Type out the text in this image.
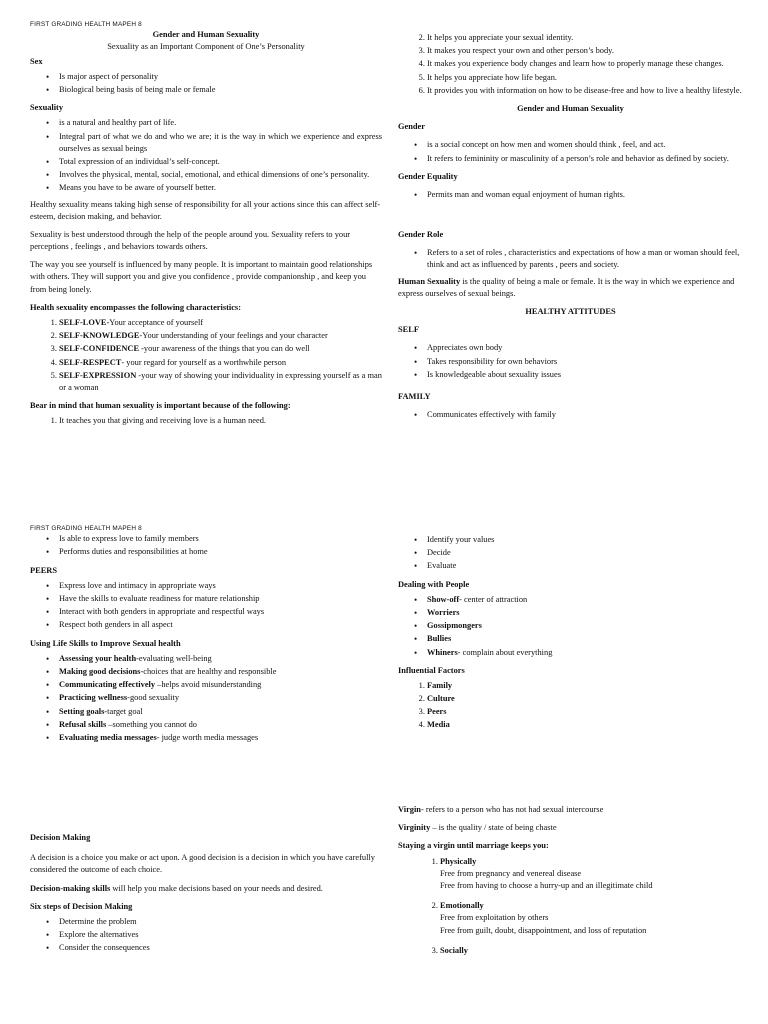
FIRST GRADING HEALTH MAPEH 8
Gender and Human Sexuality
Sexuality as an Important Component of One’s Personality
Sex
• Is major aspect of personality
• Biological being basis of being male or female
Sexuality
• is a natural and healthy part of life.
• Integral part of what we do and who we are; it is the way in which we experience and express ourselves as sexual beings
• Total expression of an individual’s self-concept.
• Involves the physical, mental, social, emotional, and ethical dimensions of one’s personality.
• Means you have to be aware of yourself better.

Healthy sexuality means taking high sense of responsibility for all your actions since this can affect self-esteem, decision making, and behavior.

Sexuality is best understood through the help of the people around you. Sexuality refers to your perceptions , feelings , and behaviors towards others.

The way you see yourself is influenced by many people. It is important to maintain good relationships with others. They will support you and give you confidence , provide companionship , and keep you from being lonely.

Health sexuality encompasses the following characteristics:
1. SELF-LOVE-Your acceptance of yourself
2. SELF-KNOWLEDGE-Your understanding of your feelings and your character
3. SELF-CONFIDENCE -your awareness of the things that you can do well
4. SELF-RESPECT- your regard for yourself as a worthwhile person
5. SELF-EXPRESSION -your way of showing your individuality in expressing yourself as a man or a woman
Bear in mind that human sexuality is important because of the following:
1. It teaches you that giving and receiving love is a human need.
2. It helps you appreciate your sexual identity.
3. It makes you respect your own and other person’s body.
4. It makes you experience body changes and learn how to properly manage these changes.
5. It helps you appreciate how life began.
6. It provides you with information on how to be disease-free and how to live a healthy lifestyle.
Gender and Human Sexuality
Gender
• is a social concept on how men and women should think , feel, and act.
• It refers to femininity or masculinity of a person’s role and behavior as defined by society.
Gender Equality
• Permits man and woman equal enjoyment of human rights.
Gender Role
• Refers to a set of roles , characteristics and expectations of how a man or woman should feel, think and act as influenced by parents , peers and society.

Human Sexuality is the quality of being a male or female. It is the way in which we experience and express ourselves of sexual beings.

HEALTHY ATTITUDES
SELF
• Appreciates own body
• Takes responsibility for own behaviors
• Is knowledgeable about sexuality issues
FAMILY
• Communicates effectively with family
FIRST GRADING HEALTH MAPEH 8
• Is able to express love to family members
• Performs duties and responsibilities at home
PEERS
• Express love and intimacy in appropriate ways
• Have the skills to evaluate readiness for mature relationship
• Interact with both genders in appropriate and respectful ways
• Respect both genders in all aspect
Using Life Skills to Improve Sexual health
• Assessing your health-evaluating well-being
• Making good decisions-choices that are healthy and responsible
• Communicating effectively –helps avoid misunderstanding
• Practicing wellness-good sexuality
• Setting goals-target goal
• Refusal skills –something you cannot do
• Evaluating media messages- judge worth media messages
• Identify your values
• Decide
• Evaluate
Dealing with People
• Show-off- center of attraction
• Worriers
• Gossipmongers
• Bullies
• Whiners- complain about everything
Influential Factors
1. Family
2. Culture
3. Peers
4. Media
Decision Making

A decision is a choice you make or act upon. A good decision is a decision in which you have carefully considered the outcome of each choice.

Decision-making skills will help you make decisions based on your needs and desired.

Six steps of Decision Making
• Determine the problem
• Explore the alternatives
• Consider the consequences

Virgin- refers to a person who has not had sexual intercourse

Virginity – is the quality / state of being chaste

Staying a virgin until marriage keeps you:
1. Physically
Free from pregnancy and venereal disease
Free from having to choose a hurry-up and an illegitimate child
2. Emotionally
Free from exploitation by others
Free from guilt, doubt, disappointment, and loss of reputation
3. Socially
